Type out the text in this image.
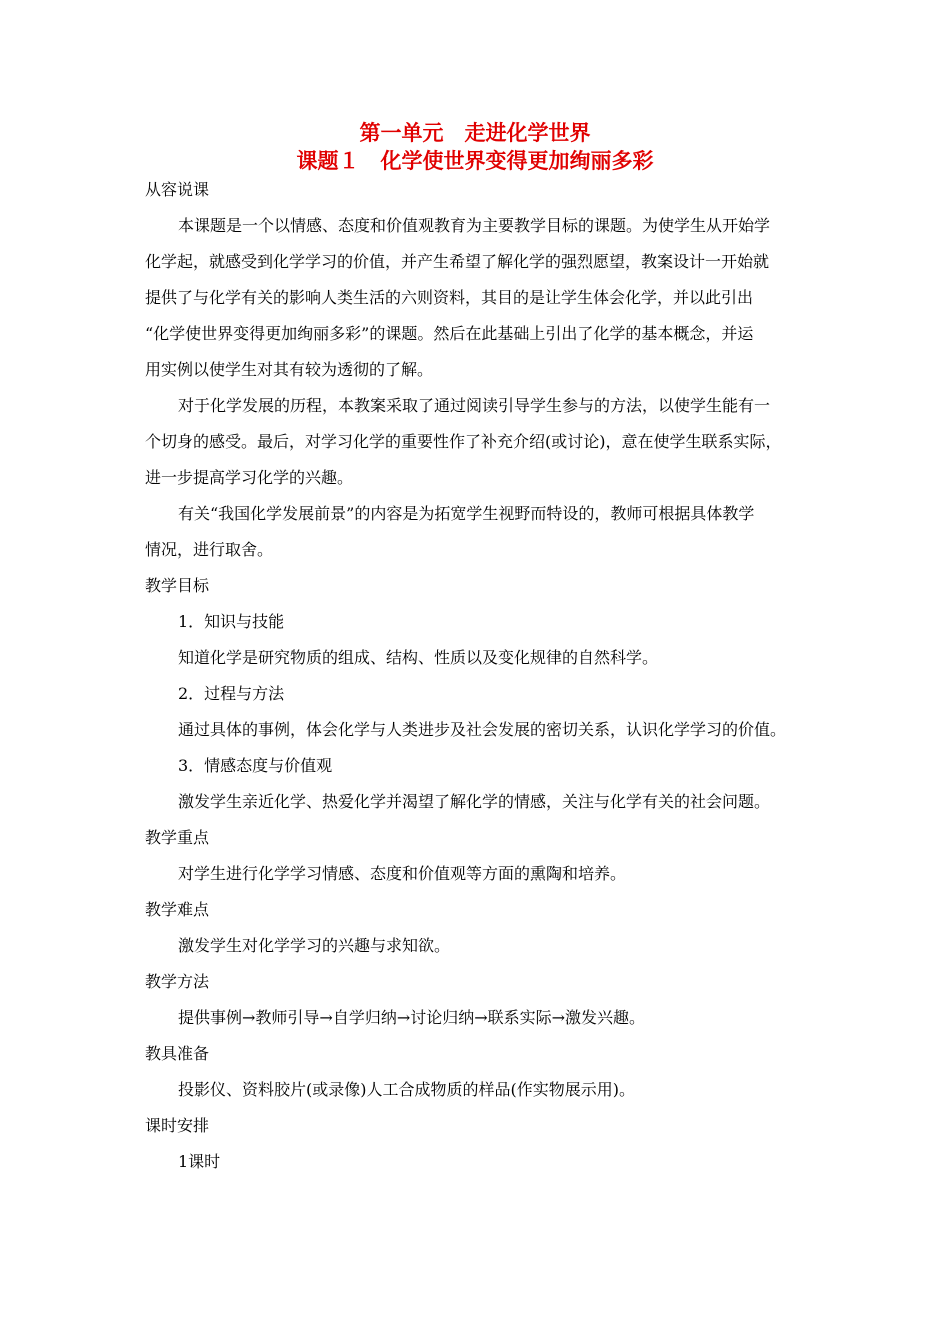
第一单元　走进化学世界
课题１　化学使世界变得更加绚丽多彩
从容说课
本课题是一个以情感、态度和价值观教育为主要教学目标的课题。为使学生从开始学
化学起，就感受到化学学习的价值，并产生希望了解化学的强烈愿望，教案设计一开始就
提供了与化学有关的影响人类生活的六则资料，其目的是让学生体会化学，并以此引出
“化学使世界变得更加绚丽多彩”的课题。然后在此基础上引出了化学的基本概念，并运
用实例以使学生对其有较为透彻的了解。
对于化学发展的历程，本教案采取了通过阅读引导学生参与的方法，以使学生能有一
个切身的感受。最后，对学习化学的重要性作了补充介绍(或讨论)，意在使学生联系实际，
进一步提高学习化学的兴趣。
有关“我国化学发展前景”的内容是为拓宽学生视野而特设的，教师可根据具体教学
情况，进行取舍。
教学目标
1．知识与技能
知道化学是研究物质的组成、结构、性质以及变化规律的自然科学。
2．过程与方法
通过具体的事例，体会化学与人类进步及社会发展的密切关系，认识化学学习的价值。
3．情感态度与价值观
激发学生亲近化学、热爱化学并渴望了解化学的情感，关注与化学有关的社会问题。
教学重点
对学生进行化学学习情感、态度和价值观等方面的熏陶和培养。
教学难点
激发学生对化学学习的兴趣与求知欲。
教学方法
提供事例→教师引导→自学归纳→讨论归纳→联系实际→激发兴趣。
教具准备
投影仪、资料胶片(或录像)人工合成物质的样品(作实物展示用)。
课时安排
1课时
